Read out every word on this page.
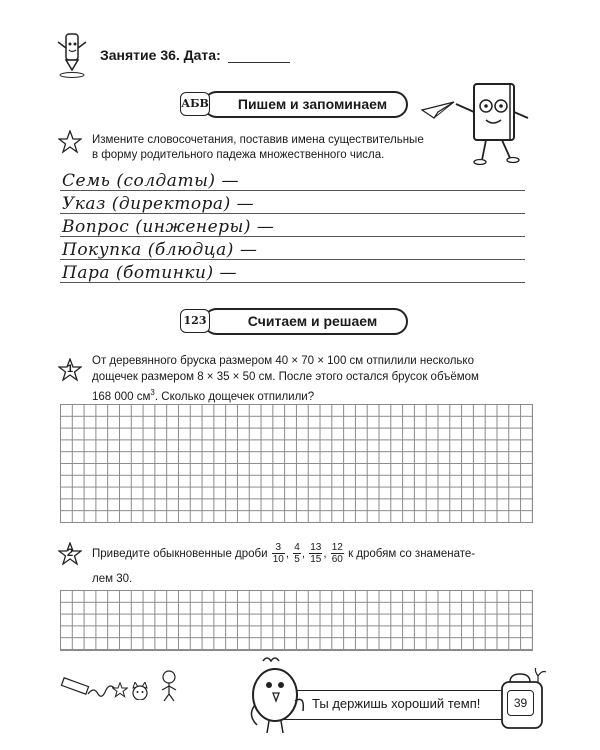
Занятие 36. Дата:
Пишем и запоминаем
АБВ
Измените словосочетания, поставив имена существительные
в форму родительного падежа множественного числа.
Семь (солдаты) —
Указ (директора) —
Вопрос (инженеры) —
Покупка (блюдца) —
Пара (ботинки) —
Считаем и решаем
123
1
От деревянного бруска размером 40 × 70 × 100 см отпилили несколько
дощечек размером 8 × 35 × 50 см. После этого остался брусок объёмом
168 000 $см^3$. Сколько дощечек отпилили?
2	Приведите обыкновенные дроби $\frac{3}{10}$ , $\frac{4}{5}$ , $\frac{13}{15}$ , $\frac{12}{60}$ к дробям со знаменате-
лем 30.
Ты держишь хороший темп!	39
